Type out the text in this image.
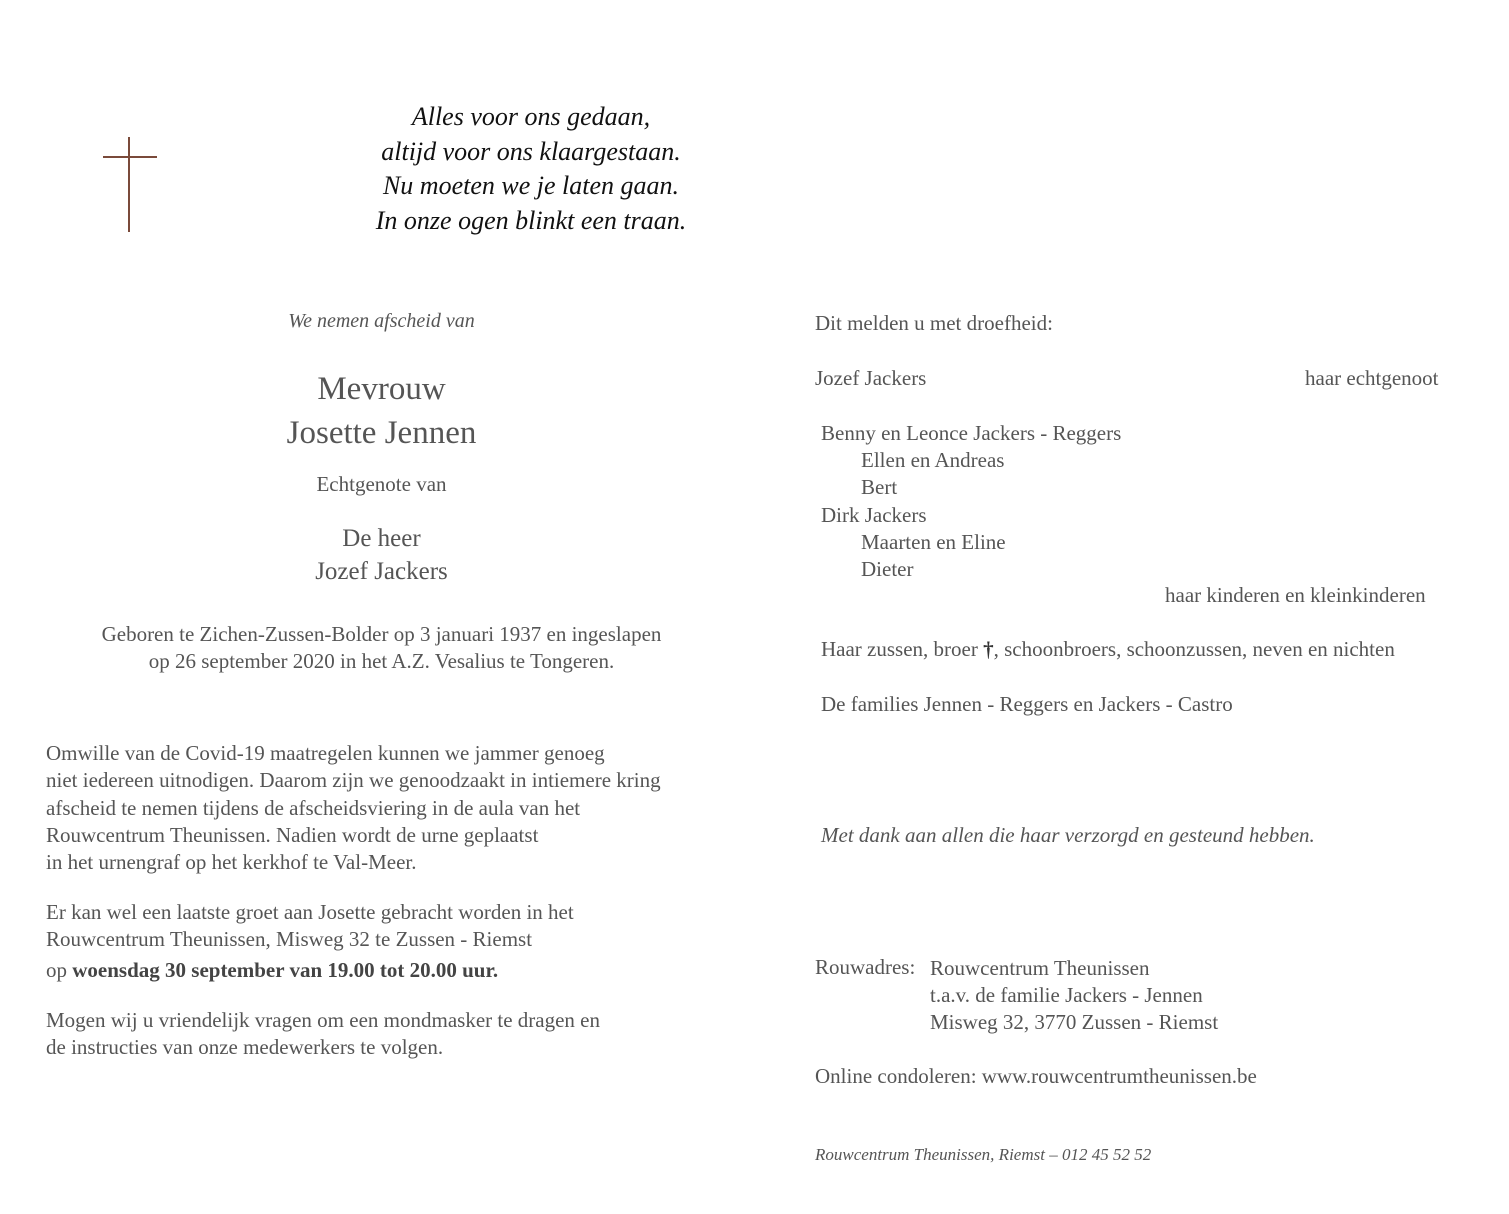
Alles voor ons gedaan,
altijd voor ons klaargestaan.
Nu moeten we je laten gaan.
In onze ogen blinkt een traan.
We nemen afscheid van
Mevrouw
Josette Jennen
Echtgenote van
De heer
Jozef Jackers
Geboren te Zichen-Zussen-Bolder op 3 januari 1937 en ingeslapen
op 26 september 2020 in het A.Z. Vesalius te Tongeren.
Omwille van de Covid-19 maatregelen kunnen we jammer genoeg
niet iedereen uitnodigen. Daarom zijn we genoodzaakt in intiemere kring
afscheid te nemen tijdens de afscheidsviering in de aula van het
Rouwcentrum Theunissen. Nadien wordt de urne geplaatst
in het urnengraf op het kerkhof te Val-Meer.
Er kan wel een laatste groet aan Josette gebracht worden in het
Rouwcentrum Theunissen, Misweg 32 te Zussen - Riemst
op woensdag 30 september van 19.00 tot 20.00 uur.
Mogen wij u vriendelijk vragen om een mondmasker te dragen en
de instructies van onze medewerkers te volgen.
Dit melden u met droefheid:
Jozef Jackers	haar echtgenoot
Benny en Leonce Jackers - Reggers
Ellen en Andreas
Bert
Dirk Jackers
Maarten en Eline
Dieter
haar kinderen en kleinkinderen
Haar zussen, broer †, schoonbroers, schoonzussen, neven en nichten
De families Jennen - Reggers en Jackers - Castro
Met dank aan allen die haar verzorgd en gesteund hebben.
Rouwadres: Rouwcentrum Theunissen
t.a.v. de familie Jackers - Jennen
Misweg 32, 3770 Zussen - Riemst
Online condoleren: www.rouwcentrumtheunissen.be
Rouwcentrum Theunissen, Riemst – 012 45 52 52
